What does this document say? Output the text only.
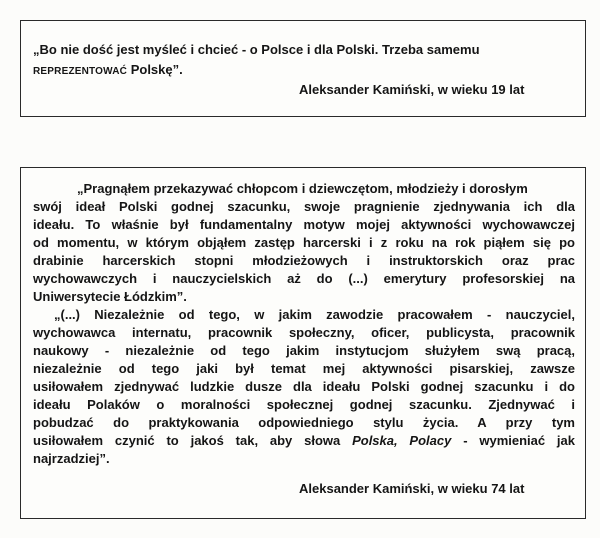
„Bo nie dość jest myśleć i chcieć - o Polsce i dla Polski. Trzeba samemu
REPREZENTOWAĆ Polskę”.
Aleksander Kamiński, w wieku 19 lat
„Pragnąłem przekazywać chłopcom i dziewczętom, młodzieży i dorosłym
swój ideał Polski godnej szacunku, swoje pragnienie zjednywania ich dla
ideału. To właśnie był fundamentalny motyw mojej aktywności wychowawczej
od momentu, w którym objąłem zastęp harcerski i z roku na rok piąłem się po
drabinie harcerskich stopni młodzieżowych i instruktorskich oraz prac
wychowawczych i nauczycielskich aż do (...) emerytury profesorskiej na
Uniwersytecie Łódzkim”.
„(...) Niezależnie od tego, w jakim zawodzie pracowałem - nauczyciel,
wychowawca internatu, pracownik społeczny, oficer, publicysta, pracownik
naukowy - niezależnie od tego jakim instytucjom służyłem swą pracą,
niezależnie od tego jaki był temat mej aktywności pisarskiej, zawsze
usiłowałem zjednywać ludzkie dusze dla ideału Polski godnej szacunku i do
ideału Polaków o moralności społecznej godnej szacunku. Zjednywać i
pobudzać do praktykowania odpowiedniego stylu życia. A przy tym
usiłowałem czynić to jakoś tak, aby słowa Polska, Polacy - wymieniać jak
najrzadziej”.
Aleksander Kamiński, w wieku 74 lat
